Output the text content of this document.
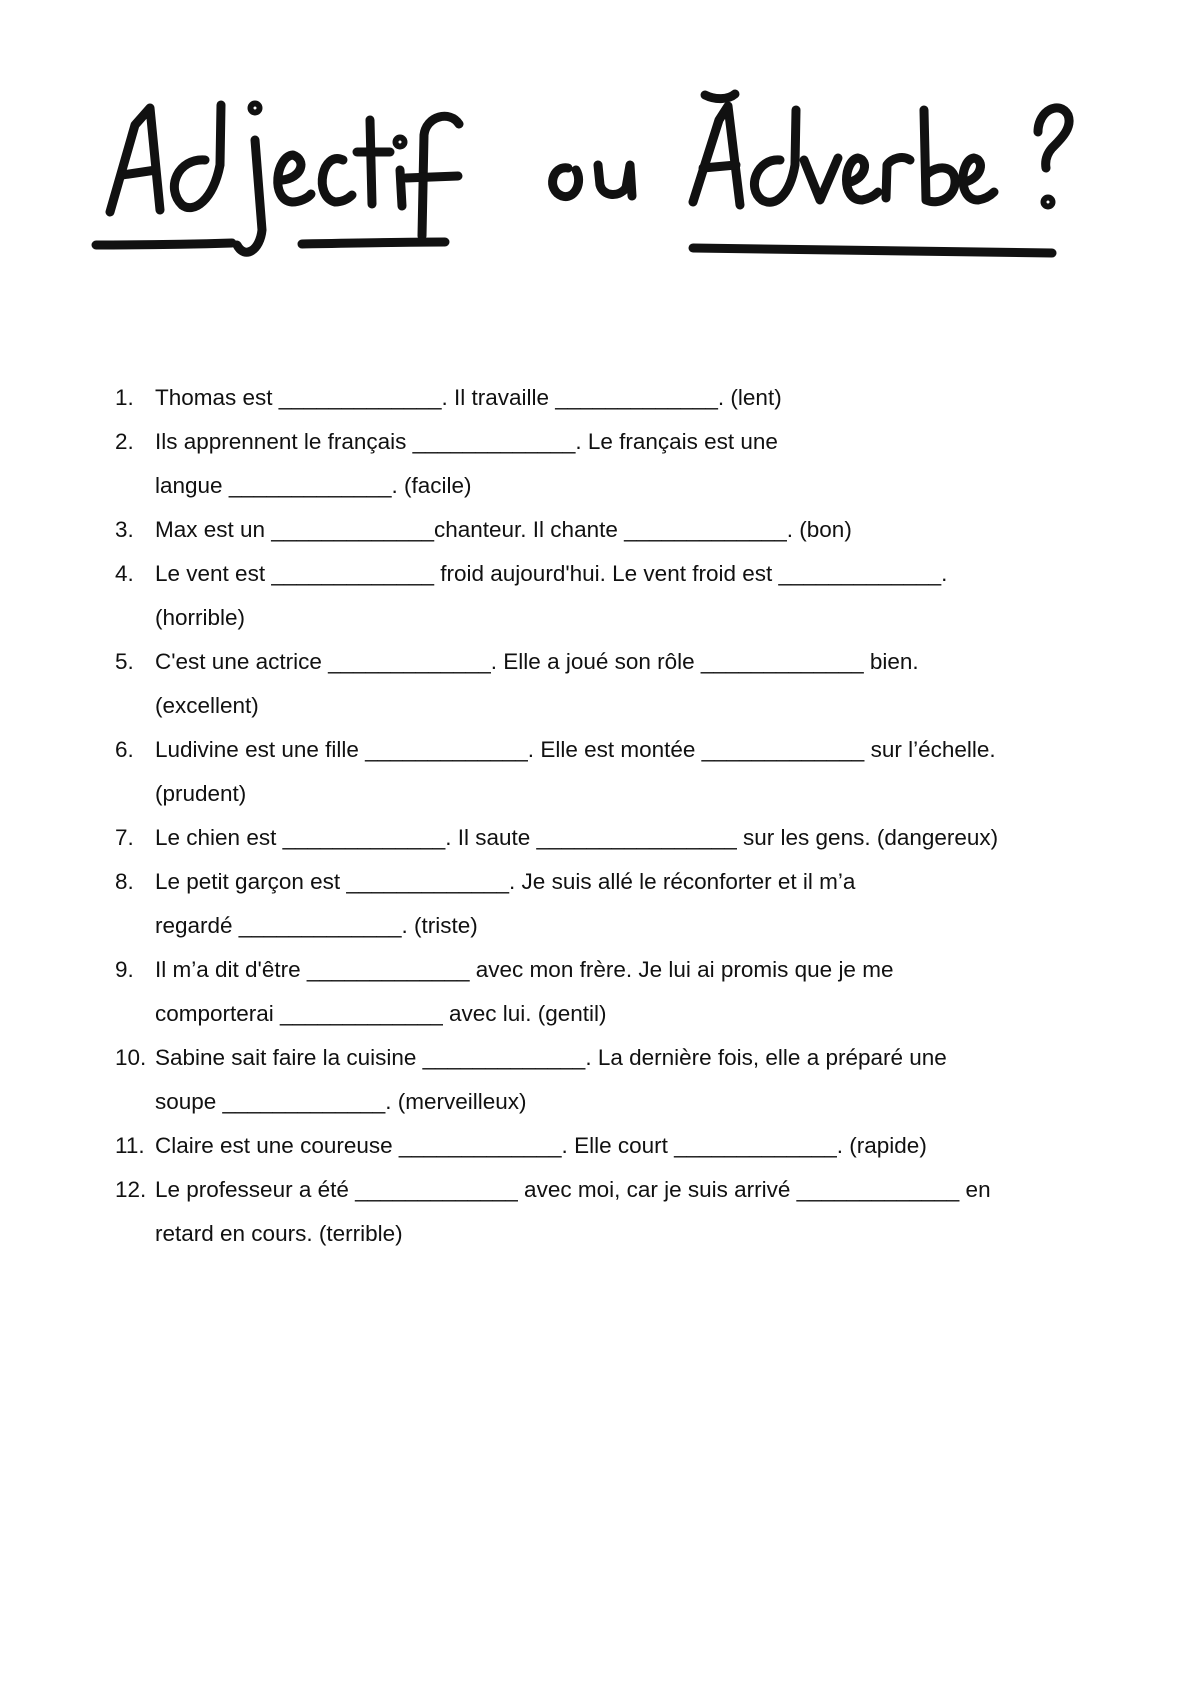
1. Thomas est _____________. Il travaille _____________. (lent)
2. Ils apprennent le français _____________. Le français est une
langue _____________. (facile)
3. Max est un _____________chanteur. Il chante _____________. (bon)
4. Le vent est _____________ froid aujourd'hui. Le vent froid est _____________.
(horrible)
5. C'est une actrice _____________. Elle a joué son rôle _____________ bien.
(excellent)
6. Ludivine est une fille _____________. Elle est montée _____________ sur l’échelle.
(prudent)
7. Le chien est _____________. Il saute ________________ sur les gens. (dangereux)
8. Le petit garçon est _____________. Je suis allé le réconforter et il m’a
regardé _____________. (triste)
9. Il m’a dit d'être _____________ avec mon frère. Je lui ai promis que je me
comporterai _____________ avec lui. (gentil)
10. Sabine sait faire la cuisine _____________. La dernière fois, elle a préparé une
soupe _____________. (merveilleux)
11. Claire est une coureuse _____________. Elle court _____________. (rapide)
12. Le professeur a été _____________ avec moi, car je suis arrivé _____________ en
retard en cours. (terrible)
